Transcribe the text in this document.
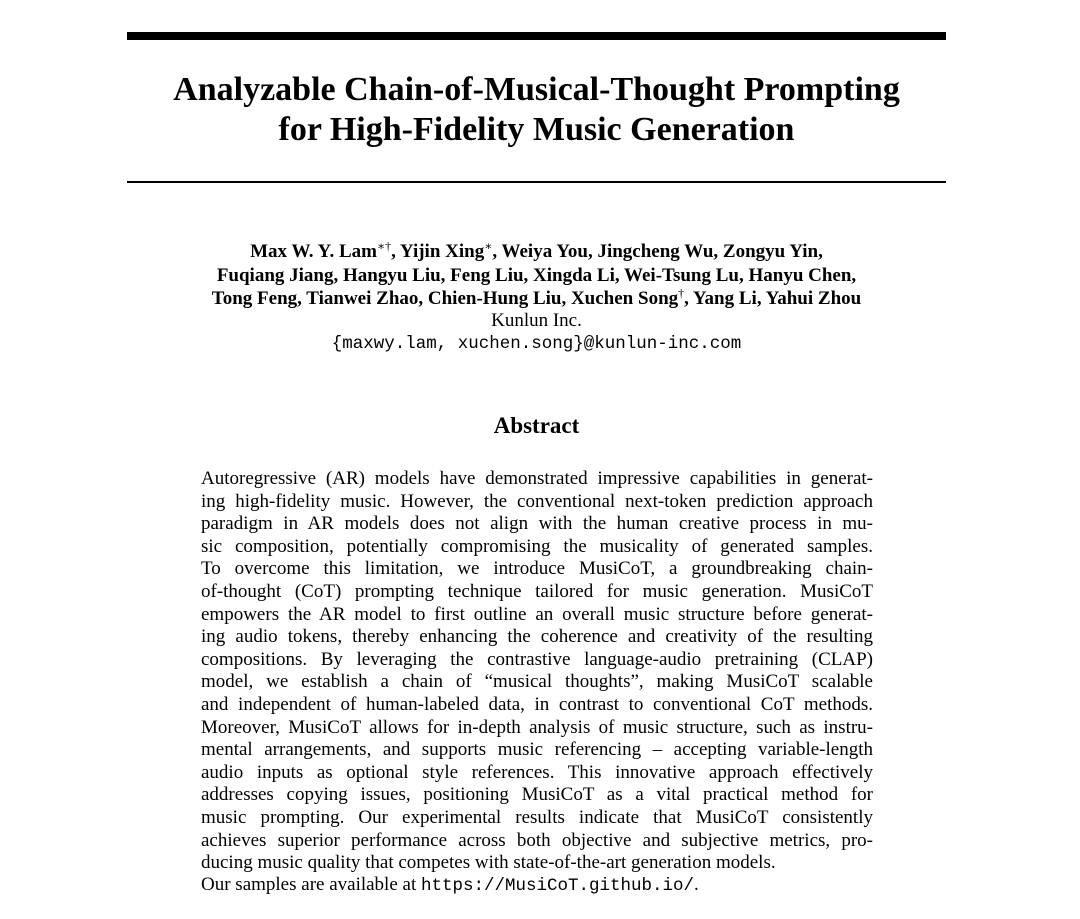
Analyzable Chain-of-Musical-Thought Prompting
for High-Fidelity Music Generation
Max W. Y. Lam∗†, Yijin Xing∗, Weiya You, Jingcheng Wu, Zongyu Yin,
Fuqiang Jiang, Hangyu Liu, Feng Liu, Xingda Li, Wei-Tsung Lu, Hanyu Chen,
Tong Feng, Tianwei Zhao, Chien-Hung Liu, Xuchen Song†, Yang Li, Yahui Zhou
Kunlun Inc.
{maxwy.lam, xuchen.song}@kunlun-inc.com
Abstract
Autoregressive (AR) models have demonstrated impressive capabilities in generat-
ing high-fidelity music. However, the conventional next-token prediction approach
paradigm in AR models does not align with the human creative process in mu-
sic composition, potentially compromising the musicality of generated samples.
To overcome this limitation, we introduce MusiCoT, a groundbreaking chain-
of-thought (CoT) prompting technique tailored for music generation. MusiCoT
empowers the AR model to first outline an overall music structure before generat-
ing audio tokens, thereby enhancing the coherence and creativity of the resulting
compositions. By leveraging the contrastive language-audio pretraining (CLAP)
model, we establish a chain of “musical thoughts”, making MusiCoT scalable
and independent of human-labeled data, in contrast to conventional CoT methods.
Moreover, MusiCoT allows for in-depth analysis of music structure, such as instru-
mental arrangements, and supports music referencing – accepting variable-length
audio inputs as optional style references. This innovative approach effectively
addresses copying issues, positioning MusiCoT as a vital practical method for
music prompting. Our experimental results indicate that MusiCoT consistently
achieves superior performance across both objective and subjective metrics, pro-
ducing music quality that competes with state-of-the-art generation models.
Our samples are available at https://MusiCoT.github.io/.
